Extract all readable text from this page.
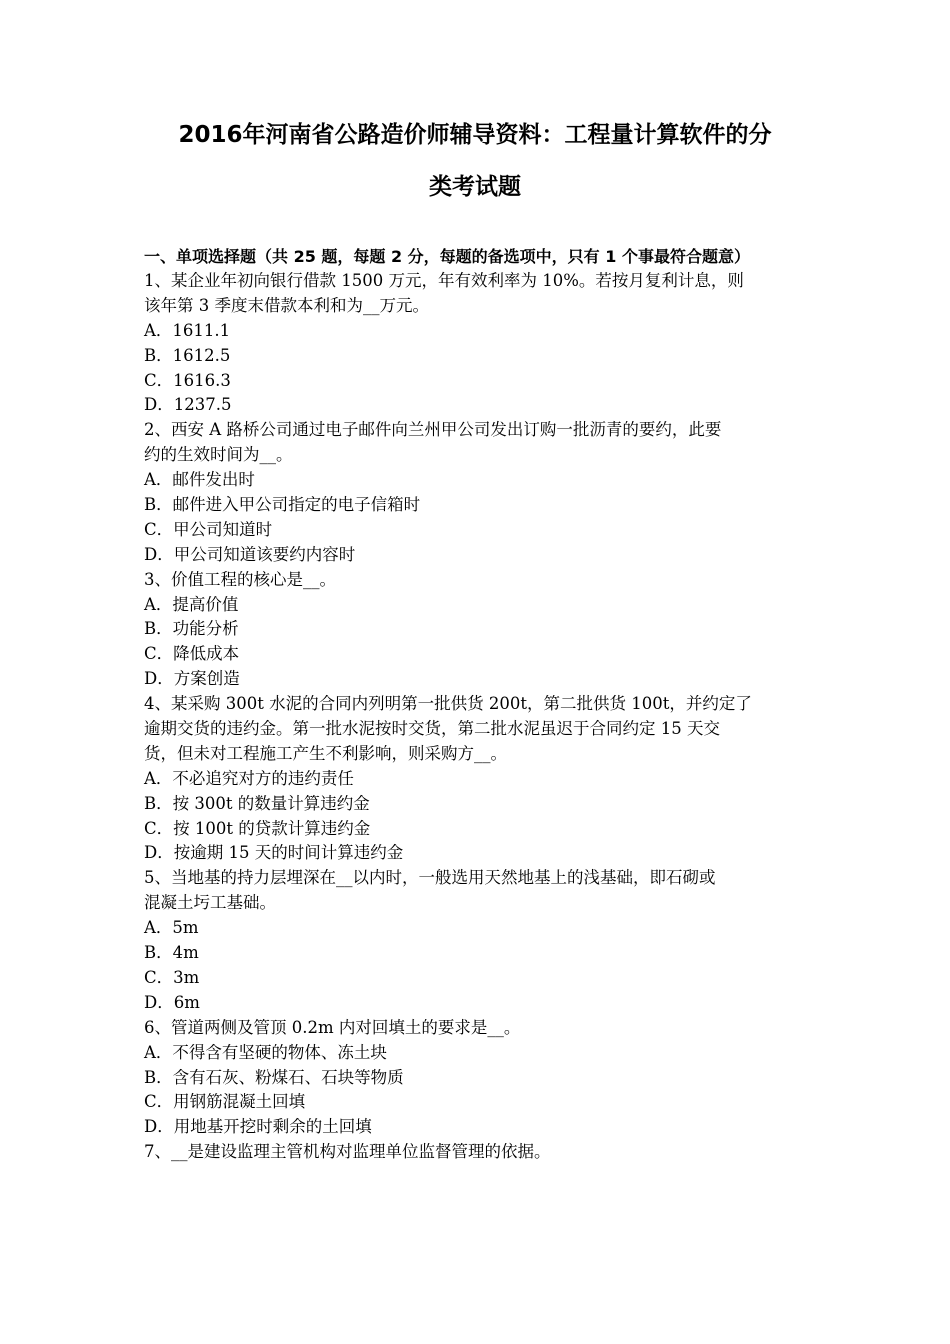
2016年河南省公路造价师辅导资料：工程量计算软件的分
类考试题
一、单项选择题（共 25 题，每题 2 分，每题的备选项中，只有 1 个事最符合题意）
1、某企业年初向银行借款 1500 万元，年有效利率为 10%。若按月复利计息，则
该年第 3 季度末借款本利和为__万元。
A．1611.1
B．1612.5
C．1616.3
D．1237.5
2、西安 A 路桥公司通过电子邮件向兰州甲公司发出订购一批沥青的要约，此要
约的生效时间为__。
A．邮件发出时
B．邮件进入甲公司指定的电子信箱时
C．甲公司知道时
D．甲公司知道该要约内容时
3、价值工程的核心是__。
A．提高价值
B．功能分析
C．降低成本
D．方案创造
4、某采购 300t 水泥的合同内列明第一批供货 200t，第二批供货 100t，并约定了
逾期交货的违约金。第一批水泥按时交货，第二批水泥虽迟于合同约定 15 天交
货，但未对工程施工产生不利影响，则采购方__。
A．不必追究对方的违约责任
B．按 300t 的数量计算违约金
C．按 100t 的贷款计算违约金
D．按逾期 15 天的时间计算违约金
5、当地基的持力层埋深在__以内时，一般选用天然地基上的浅基础，即石砌或
混凝土圬工基础。
A．5m
B．4m
C．3m
D．6m
6、管道两侧及管顶 0.2m 内对回填土的要求是__。
A．不得含有坚硬的物体、冻土块
B．含有石灰、粉煤石、石块等物质
C．用钢筋混凝土回填
D．用地基开挖时剩余的土回填
7、__是建设监理主管机构对监理单位监督管理的依据。
